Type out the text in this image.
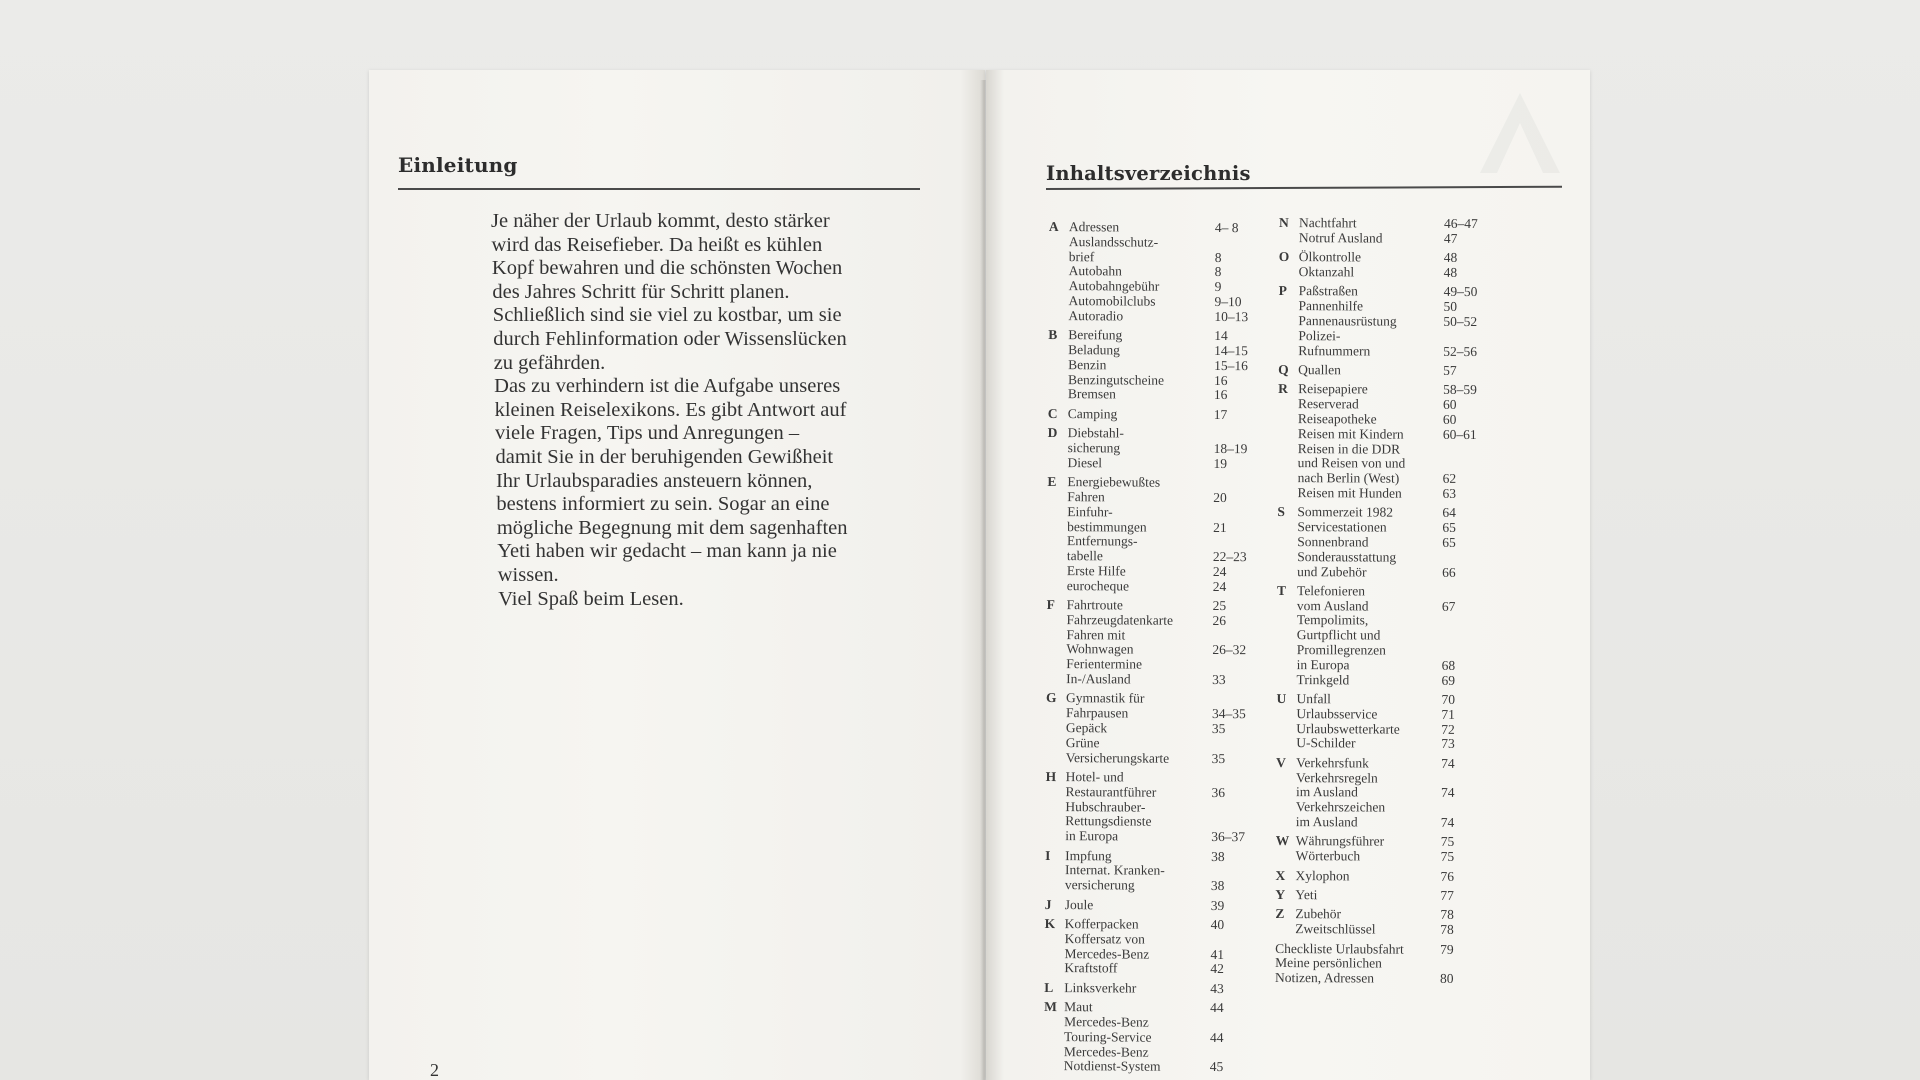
Einleitung
Je näher der Urlaub kommt, desto stärker
wird das Reisefieber. Da heißt es kühlen
Kopf bewahren und die schönsten Wochen
des Jahres Schritt für Schritt planen.
Schließlich sind sie viel zu kostbar, um sie
durch Fehlinformation oder Wissenslücken
zu gefährden.
Das zu verhindern ist die Aufgabe unseres
kleinen Reiselexikons. Es gibt Antwort auf
viele Fragen, Tips und Anregungen –
damit Sie in der beruhigenden Gewißheit
Ihr Urlaubsparadies ansteuern können,
bestens informiert zu sein. Sogar an eine
mögliche Begegnung mit dem sagenhaften
Yeti haben wir gedacht – man kann ja nie
wissen.
Viel Spaß beim Lesen.
2
Inhaltsverzeichnis
A Adressen	4– 8
Auslandsschutz-
brief	8
Autobahn	8
Autobahngebühr	9
Automobilclubs	9–10
Autoradio	10–13
B Bereifung	14
Beladung	14–15
Benzin	15–16
Benzingutscheine	16
Bremsen	16
C Camping	17
D Diebstahl-
sicherung	18–19
Diesel	19
E Energiebewußtes
Fahren	20
Einfuhr-
bestimmungen	21
Entfernungs-
tabelle	22–23
Erste Hilfe	24
eurocheque	24
F Fahrtroute	25
Fahrzeugdatenkarte	26
Fahren mit
Wohnwagen	26–32
Ferientermine
In-/Ausland	33
G Gymnastik für
Fahrpausen	34–35
Gepäck	35
Grüne
Versicherungskarte	35
H Hotel- und
Restaurantführer	36
Hubschrauber-
Rettungsdienste
in Europa	36–37
I	Impfung	38
Internat. Kranken-
versicherung	38
J Joule	39
K Kofferpacken	40
Koffersatz von
Mercedes-Benz	41
Kraftstoff	42
L Linksverkehr	43
M Maut	44
Mercedes-Benz
Touring-Service	44
Mercedes-Benz
Notdienst-System	45
N Nachtfahrt	46–47
Notruf Ausland	47
O Ölkontrolle	48
Oktanzahl	48
P Paßstraßen	49–50
Pannenhilfe	50
Pannenausrüstung	50–52
Polizei-
Rufnummern	52–56
Q Quallen	57
R Reisepapiere	58–59
Reserverad	60
Reiseapotheke	60
Reisen mit Kindern	60–61
Reisen in die DDR
und Reisen von und
nach Berlin (West)	62
Reisen mit Hunden	63
S Sommerzeit 1982	64
Servicestationen	65
Sonnenbrand	65
Sonderausstattung
und Zubehör	66
T Telefonieren
vom Ausland	67
Tempolimits,
Gurtpflicht und
Promillegrenzen
in Europa	68
Trinkgeld	69
U Unfall	70
Urlaubsservice	71
Urlaubswetterkarte	72
U-Schilder	73
V Verkehrsfunk	74
Verkehrsregeln
im Ausland	74
Verkehrszeichen
im Ausland	74
W Währungsführer	75
Wörterbuch	75
X Xylophon	76
Y Yeti	77
Z Zubehör	78
Zweitschlüssel	78
Checkliste Urlaubsfahrt	79
Meine persönlichen
Notizen, Adressen	80
